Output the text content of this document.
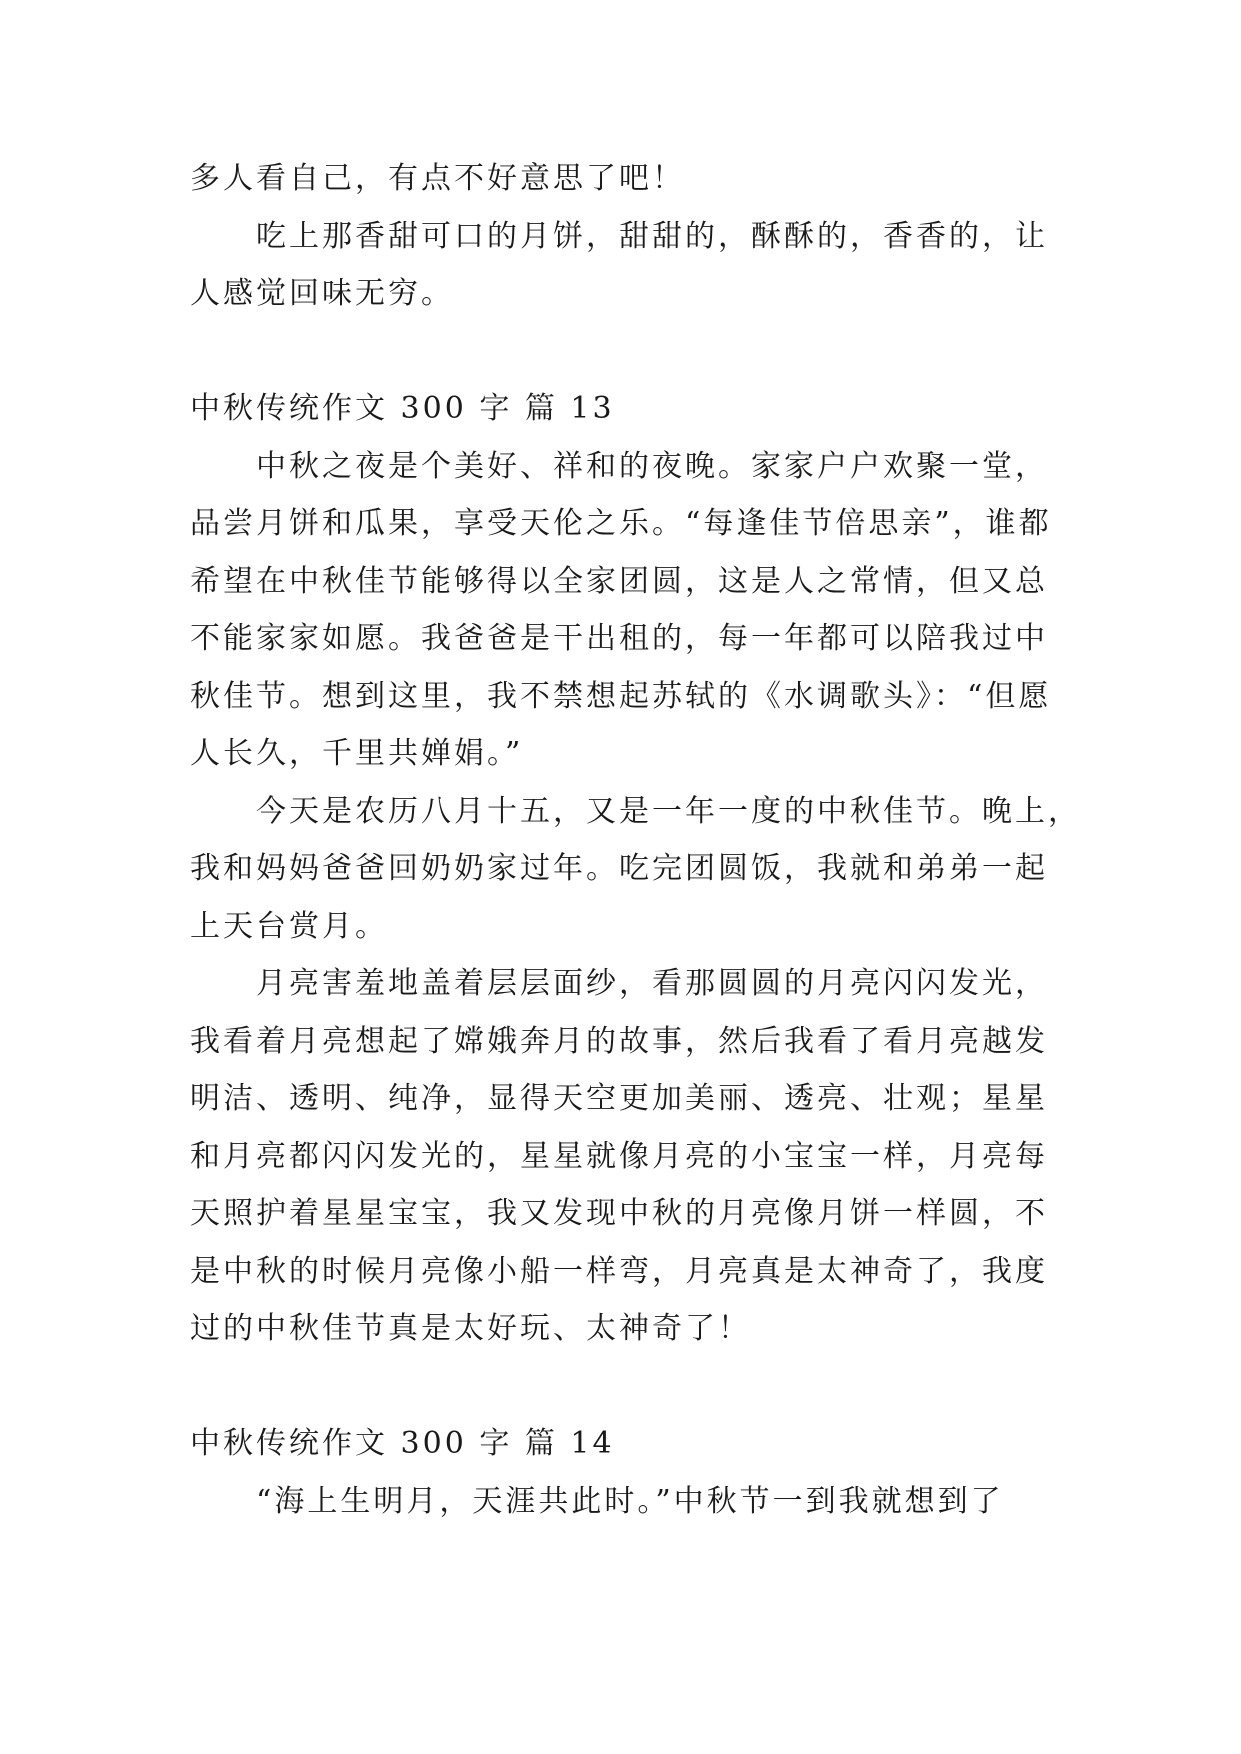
多人看自己，有点不好意思了吧！
吃上那香甜可口的月饼，甜甜的，酥酥的，香香的，让
人感觉回味无穷。
中秋传统作文 300 字 篇 13
中秋之夜是个美好、祥和的夜晚。家家户户欢聚一堂，
品尝月饼和瓜果，享受天伦之乐。“每逢佳节倍思亲”，谁都
希望在中秋佳节能够得以全家团圆，这是人之常情，但又总
不能家家如愿。我爸爸是干出租的，每一年都可以陪我过中
秋佳节。想到这里，我不禁想起苏轼的《水调歌头》：“但愿
人长久，千里共婵娟。”
今天是农历八月十五，又是一年一度的中秋佳节。晚上，
我和妈妈爸爸回奶奶家过年。吃完团圆饭，我就和弟弟一起
上天台赏月。
月亮害羞地盖着层层面纱，看那圆圆的月亮闪闪发光，
我看着月亮想起了嫦娥奔月的故事，然后我看了看月亮越发
明洁、透明、纯净，显得天空更加美丽、透亮、壮观；星星
和月亮都闪闪发光的，星星就像月亮的小宝宝一样，月亮每
天照护着星星宝宝，我又发现中秋的月亮像月饼一样圆，不
是中秋的时候月亮像小船一样弯，月亮真是太神奇了，我度
过的中秋佳节真是太好玩、太神奇了！
中秋传统作文 300 字 篇 14
“海上生明月，天涯共此时。”中秋节一到我就想到了
